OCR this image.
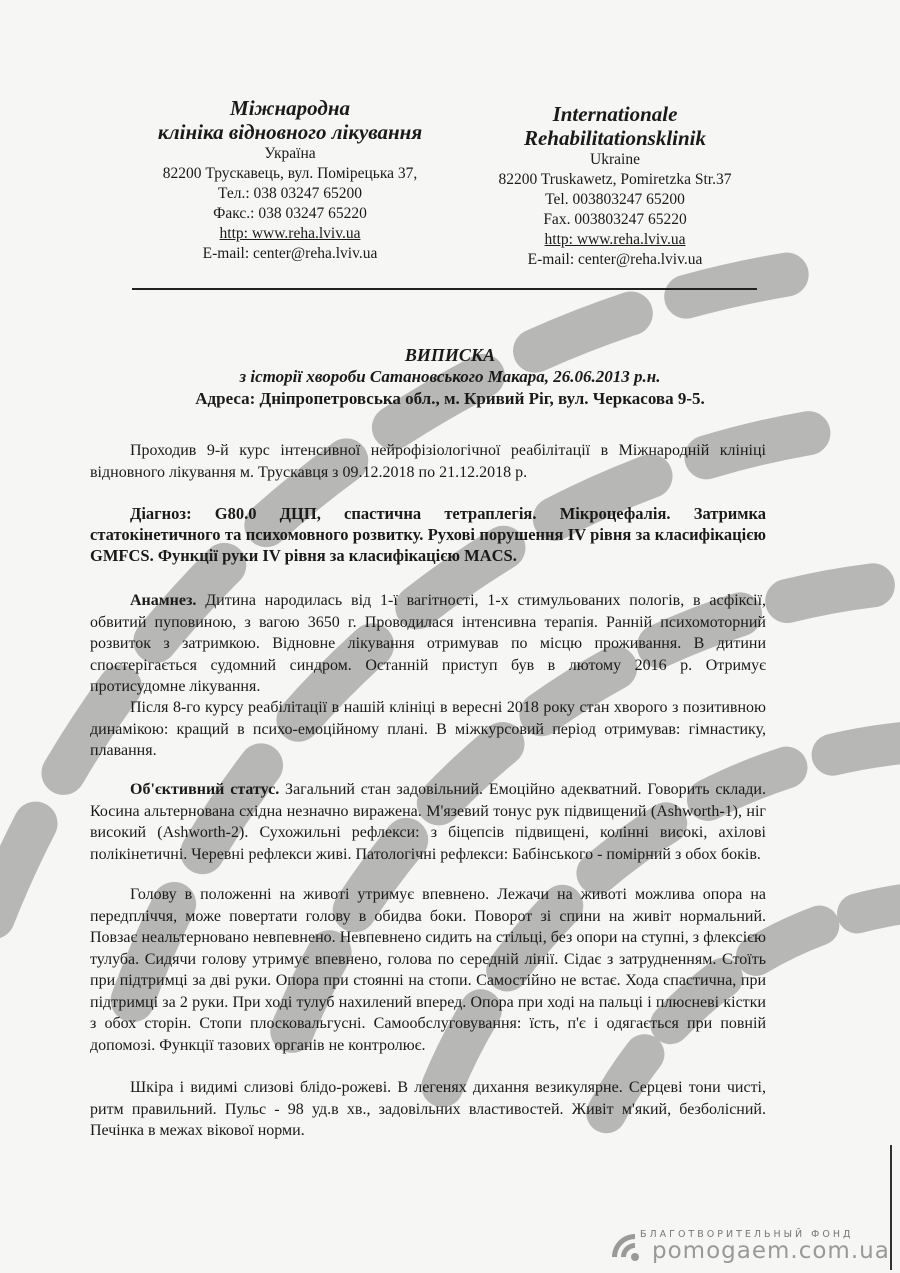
Міжнародна
клініка відновного лікування
Україна
82200 Трускавець, вул. Помірецька 37,
Тел.: 038 03247 65200
Факс.: 038 03247 65220
http: www.reha.lviv.ua
E-mail: center@reha.lviv.ua
Internationale
Rehabilitationsklinik
Ukraine
82200 Truskawetz, Pomiretzka Str.37
Tel. 003803247 65200
Fax. 003803247 65220
http: www.reha.lviv.ua
E-mail: center@reha.lviv.ua
ВИПИСКА
з історії хвороби Сатановського Макара, 26.06.2013 р.н.
Адреса: Дніпропетровська обл., м. Кривий Ріг, вул. Черкасова 9-5.
Проходив 9-й курс інтенсивної нейрофізіологічної реабілітації в Міжнародній клініці відновного лікування м. Трускавця з 09.12.2018 по 21.12.2018 р.
Діагноз: G80.0 ДЦП, спастична тетраплегія. Мікроцефалія. Затримка статокінетичного та психомовного розвитку. Рухові порушення IV рівня за класифікацією GMFCS. Функції руки IV рівня за класифікацією MACS.
Анамнез. Дитина народилась від 1-ї вагітності, 1-х стимульованих пологів, в асфіксії, обвитий пуповиною, з вагою 3650 г. Проводилася інтенсивна терапія. Ранній психомоторний розвиток з затримкою. Відновне лікування отримував по місцю проживання. В дитини спостерігається судомний синдром. Останній приступ був в лютому 2016 р. Отримує протисудомне лікування.
Після 8-го курсу реабілітації в нашій клініці в вересні 2018 року стан хворого з позитивною динамікою: кращий в психо-емоційному плані. В міжкурсовий період отримував: гімнастику, плавання.
Об'єктивний статус. Загальний стан задовільний. Емоційно адекватний. Говорить склади. Косина альтернована східна незначно виражена. М'язевий тонус рук підвищений (Ashworth-1), ніг високий (Ashworth-2). Сухожильні рефлекси: з біцепсів підвищені, колінні високі, ахілові полікінетичні. Черевні рефлекси живі. Патологічні рефлекси: Бабінського - помірний з обох боків.
Голову в положенні на животі утримує впевнено. Лежачи на животі можлива опора на передпліччя, може повертати голову в обидва боки. Поворот зі спини на живіт нормальний. Повзає неальтерновано невпевнено. Невпевнено сидить на стільці, без опори на ступні, з флексією тулуба. Сидячи голову утримує впевнено, голова по середній лінії. Сідає з затрудненням. Стоїть при підтримці за дві руки. Опора при стоянні на стопи. Самостійно не встає. Хода спастична, при підтримці за 2 руки. При ході тулуб нахилений вперед. Опора при ході на пальці і плюсневі кістки з обох сторін. Стопи плосковальгусні. Самообслуговування: їсть, п'є і одягається при повній допомозі. Функції тазових органів не контролює.
Шкіра і видимі слизові блідо-рожеві. В легенях дихання везикулярне. Серцеві тони чисті, ритм правильний. Пульс - 98 уд.в хв., задовільних властивостей. Живіт м'який, безболісний. Печінка в межах вікової норми.
БЛАГОТВОРИТЕЛЬНЫЙ ФОНД
pomogaem.com.ua
